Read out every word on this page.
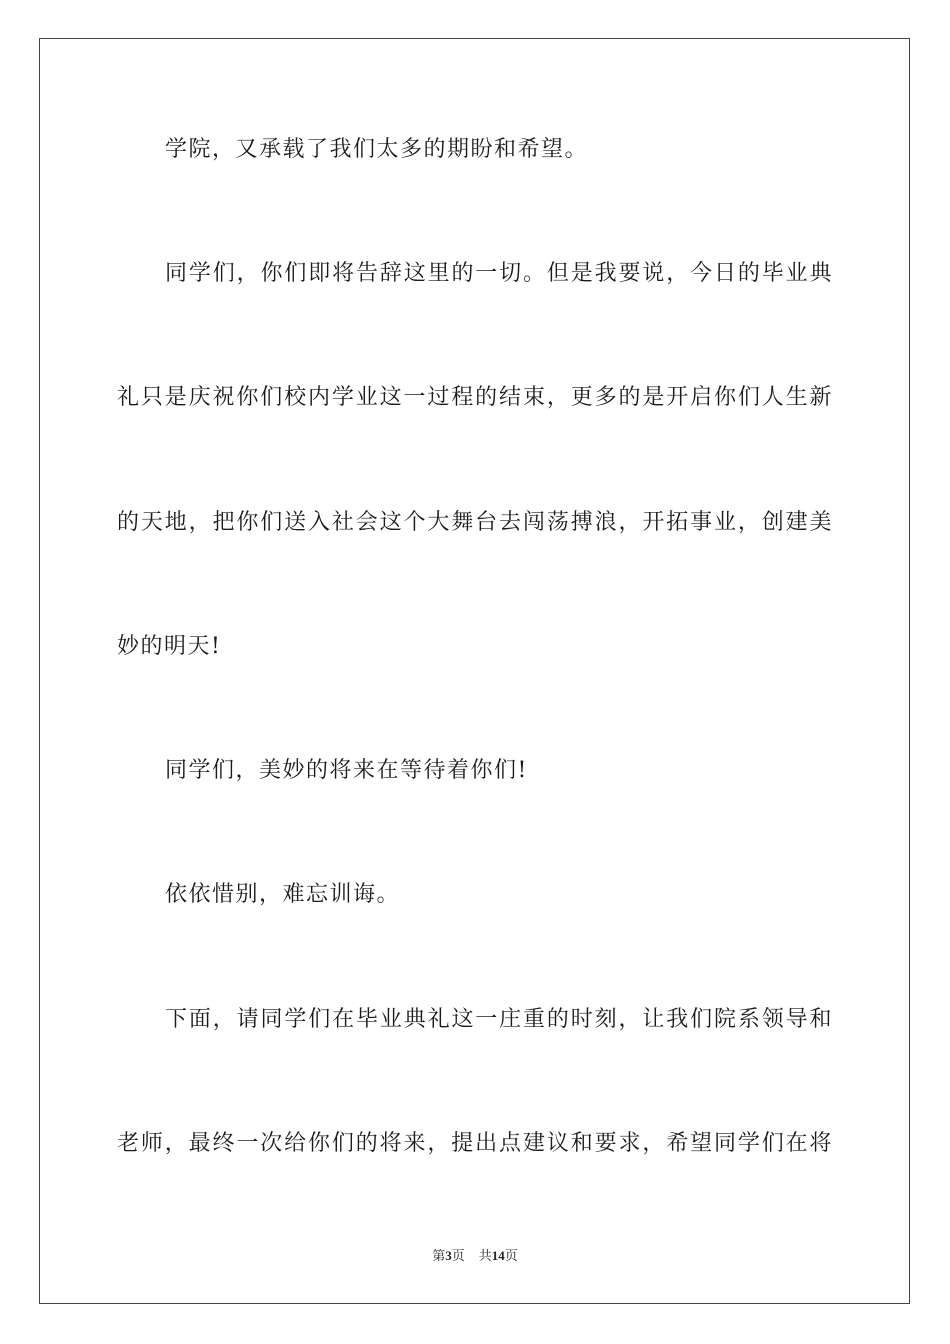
学院，又承载了我们太多的期盼和希望。
同学们，你们即将告辞这里的一切。但是我要说，今日的毕业典
礼只是庆祝你们校内学业这一过程的结束，更多的是开启你们人生新
的天地，把你们送入社会这个大舞台去闯荡搏浪，开拓事业，创建美
妙的明天!
同学们，美妙的将来在等待着你们!
依依惜别，难忘训诲。
下面，请同学们在毕业典礼这一庄重的时刻，让我们院系领导和
老师，最终一次给你们的将来，提出点建议和要求，希望同学们在将
第3页 共14页
